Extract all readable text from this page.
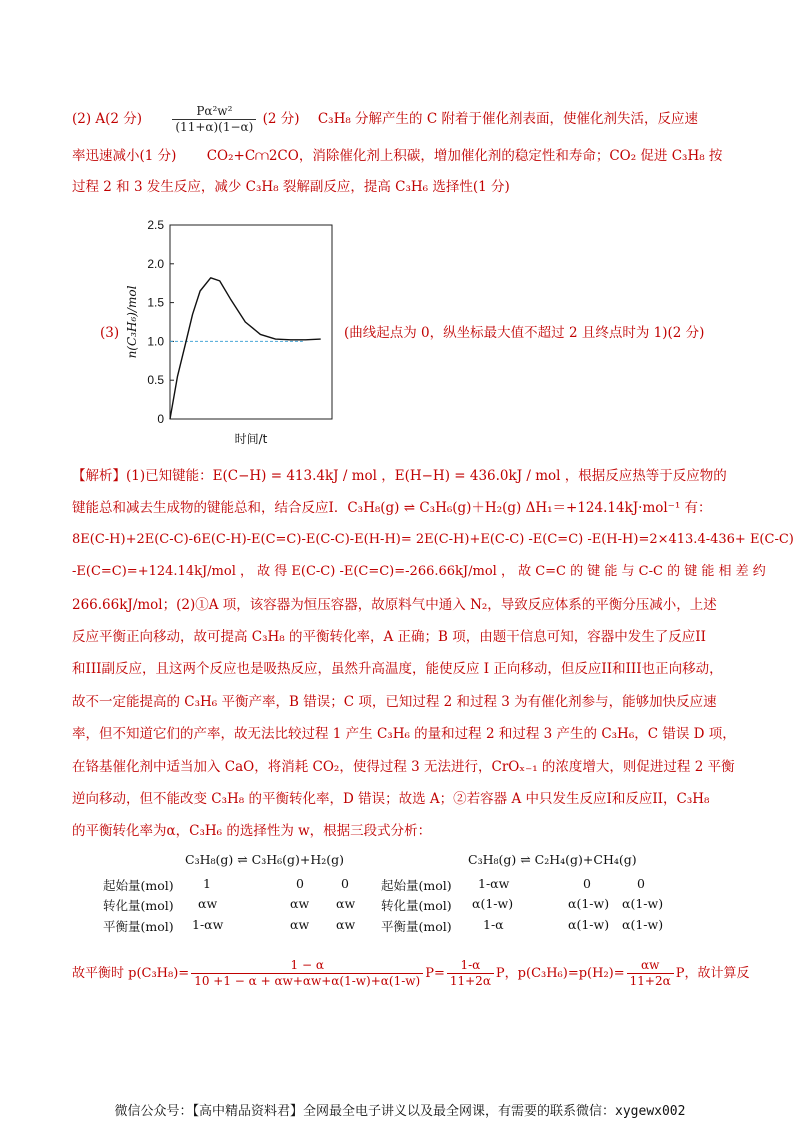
(2) A(2 分)	$\frac{\text{Pα²w²}}{(11+\alpha)(1-\alpha)} (2$ 分) C₃H₈ 分解产生的 C 附着于催化剂表面，使催化剂失活，反应速
率迅速减小(1 分) CO₂+C⩋2CO，消除催化剂上积碳，增加催化剂的稳定性和寿命；CO₂ 促进 C₃H₈ 按
过程 2 和 3 发生反应，减少 C₃H₈ 裂解副反应，提高 C₃H₆ 选择性(1 分)
(3)	(曲线起点为 0，纵坐标最大值不超过 2 且终点时为 1)(2 分)
0
0.5
1.0
1.5
2.0
2.5
时间/t
n(C₃H₆)/mol
【解析】(1)已知键能：E(C−H) = 413.4kJ / mol ，E(H−H) = 436.0kJ / mol ，根据反应热等于反应物的
键能总和减去生成物的键能总和，结合反应I．C₃H₈(g) ⇌ C₃H₆(g)＋H₂(g) ΔH₁＝+124.14kJ·mol⁻¹ 有：
8E(C-H)+2E(C-C)-6E(C-H)-E(C=C)-E(C-C)-E(H-H)= 2E(C-H)+E(C-C) -E(C=C) -E(H-H)=2×413.4-436+ E(C-C)
-E(C=C)=+124.14kJ/mol ， 故 得 E(C-C) -E(C=C)=-266.66kJ/mol ， 故 C=C 的 键 能 与 C-C 的 键 能 相 差 约
266.66kJ/mol；(2)①A 项，该容器为恒压容器，故原料气中通入 N₂，导致反应体系的平衡分压减小，上述
反应平衡正向移动，故可提高 C₃H₈ 的平衡转化率，A 正确；B 项，由题干信息可知，容器中发生了反应II
和III副反应，且这两个反应也是吸热反应，虽然升高温度，能使反应 I 正向移动，但反应II和III也正向移动，
故不一定能提高的 C₃H₆ 平衡产率，B 错误；C 项，已知过程 2 和过程 3 为有催化剂参与，能够加快反应速
率，但不知道它们的产率，故无法比较过程 1 产生 C₃H₆ 的量和过程 2 和过程 3 产生的 C₃H₆，C 错误 D 项，
在铬基催化剂中适当加入 CaO，将消耗 CO₂，使得过程 3 无法进行，CrOₓ₋₁ 的浓度增大，则促进过程 2 平衡
逆向移动，但不能改变 C₃H₈ 的平衡转化率，D 错误；故选 A；②若容器 A 中只发生反应I和反应II，C₃H₈
的平衡转化率为α，C₃H₆ 的选择性为 w，根据三段式分析：
C₃H₈(g) ⇌ C₃H₆(g)+H₂(g)
起始量(mol) 1	0	0
转化量(mol) αw	αw αw
平衡量(mol) 1-αw	αw αw
C₃H₈(g) ⇌ C₂H₄(g)+CH₄(g)
起始量(mol) 1-αw	0	0
转化量(mol) α(1-w)	α(1-w) α(1-w)
平衡量(mol)	1-α	α(1-w) α(1-w)
故平衡时 $p(C_3H_8)= \frac{1 - \alpha}{10 +1 - \alpha + \alpha w+\alpha w+\alpha(1-w)+\alpha(1-w)} P= \frac{1-\alpha}{11+2\alpha}$ P，$p(C_3H_6)=p(H_2)= \frac{\alpha w}{11+2\alpha}$ P，故计算反
微信公众号：【高中精品资料君】全网最全电子讲义以及最全网课，有需要的联系微信：xygewx002
